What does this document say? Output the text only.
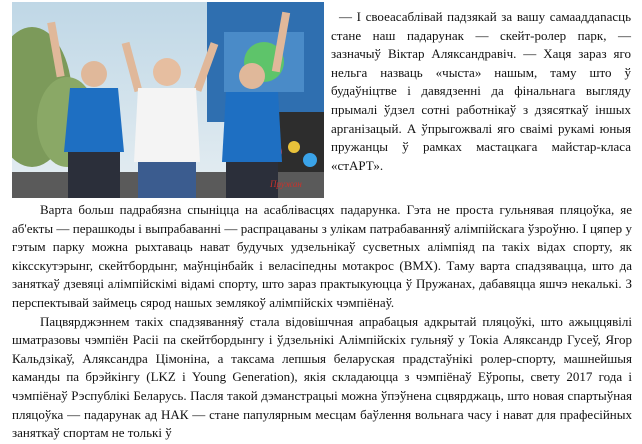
Пружан

— І своеасаблівай падзякай за вашу самааддanaсць стане наш падарунак — скейт-ролер парк, — зазначыў Віктар Аляксандравіч. — Хаця зараз яго нельга назваць «чыста» нашым, таму што ў будаўніцтве і давядзенні да фінальнага выгляду прымалі ўдзел сотні работнікаў з дзясяткаў іншых арганізацый. А ўпрыгожвалі яго сваімі рукамі юныя пружанцы ў рамках мастацкага майстар-класа «стАРТ».

Варта больш падрабязна спыніцца на асаблівасцях падарунка. Гэта не проста гульнявая пляцоўка, яе аб'екты — перашкоды і выпрабаванні — распрацаваны з улікам патрабаванняў алімпійскага ўзроўню. І цяпер у гэтым парку можна рыхтаваць нават будучых удзельнікаў сусветных алімпіяд па такіх відах спорту, як кіксскутэрынг, скейтбордынг, маўнцінбайк і велаcіпедны мотакрос (BMX). Таму варта спадзявацца, што да заняткаў дзевяці алімпійскімі відамі спорту, што зараз практыкуюцца ў Пружанах, дабавяцца яшчэ некалькі. З перспектывай займець сярод нашых землякоў алімпійскіх чэмпіёнаў.

Пацвярджэннем такіх спадзяванняў стала відовішчная апрабацыя адкрытай пляцоўкі, што ажыццявілі шматразовы чэмпіён Расіі па скейтбордынгу і ўдзельнікі Алімпійскіх гульняў у Токіа Аляксандр Гусеў, Ягор Кальдзікаў, Аляксандра Цімоніна, а таксама лепшыя беларуская прадстаўнікі ролер-спорту, машнейшыя каманды па брэйкінгу (LKZ і Young Generation), якія складаюцца з чэмпіёнаў Еўропы, свету 2017 года і чэмпіёнаў Рэспублікі Беларусь. Пасля такой дэманстрацыі можна ўпэўнена сцвярджаць, што новая спартыўная пляцоўка — падарунак ад НАК — стане папулярным месцам баўлення вольнага часу і нават для прафесійных заняткаў спортам не толькі ў
